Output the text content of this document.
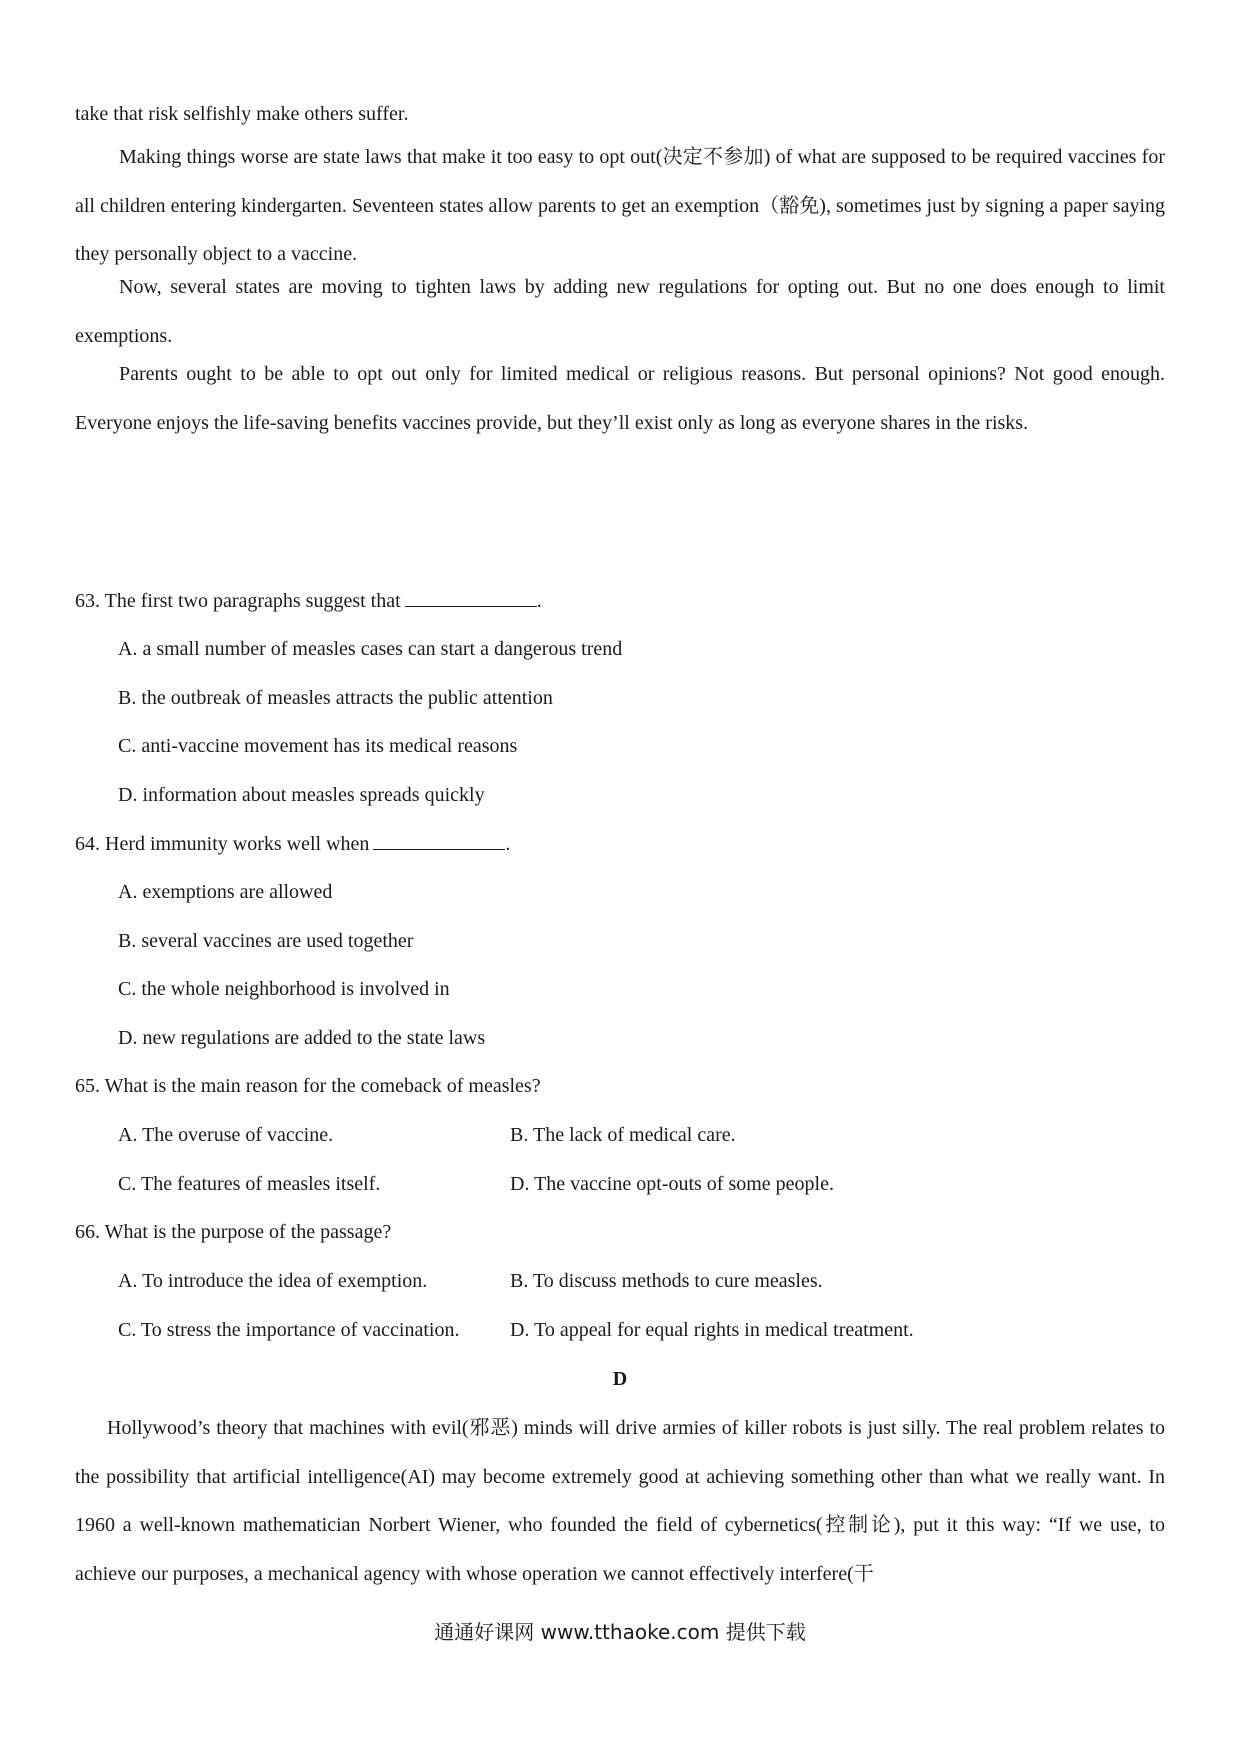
take that risk selfishly make others suffer.

Making things worse are state laws that make it too easy to opt out(决定不参加) of what are supposed to be required vaccines for all children entering kindergarten. Seventeen states allow parents to get an exemption（豁免), sometimes just by signing a paper saying they personally object to a vaccine.

Now, several states are moving to tighten laws by adding new regulations for opting out. But no one does enough to limit exemptions.

Parents ought to be able to opt out only for limited medical or religious reasons. But personal opinions? Not good enough. Everyone enjoys the life-saving benefits vaccines provide, but they’ll exist only as long as everyone shares in the risks.

63. The first two paragraphs suggest that	.
A. a small number of measles cases can start a dangerous trend
B. the outbreak of measles attracts the public attention
C. anti-vaccine movement has its medical reasons
D. information about measles spreads quickly
64. Herd immunity works well when	.
A. exemptions are allowed
B. several vaccines are used together
C. the whole neighborhood is involved in
D. new regulations are added to the state laws
65. What is the main reason for the comeback of measles?
A. The overuse of vaccine.	B. The lack of medical care.
C. The features of measles itself.	D. The vaccine opt-outs of some people.
66. What is the purpose of the passage?
A. To introduce the idea of exemption.	B. To discuss methods to cure measles.
C. To stress the importance of vaccination.	D. To appeal for equal rights in medical treatment.
D

Hollywood’s theory that machines with evil(邪恶) minds will drive armies of killer robots is just silly. The real problem relates to the possibility that artificial intelligence(AI) may become extremely good at achieving something other than what we really want. In 1960 a well-known mathematician Norbert Wiener, who founded the field of cybernetics(控制论), put it this way: “If we use, to achieve our purposes, a mechanical agency with whose operation we cannot effectively interfere(干

通通好课网 www.tthaoke.com 提供下载
